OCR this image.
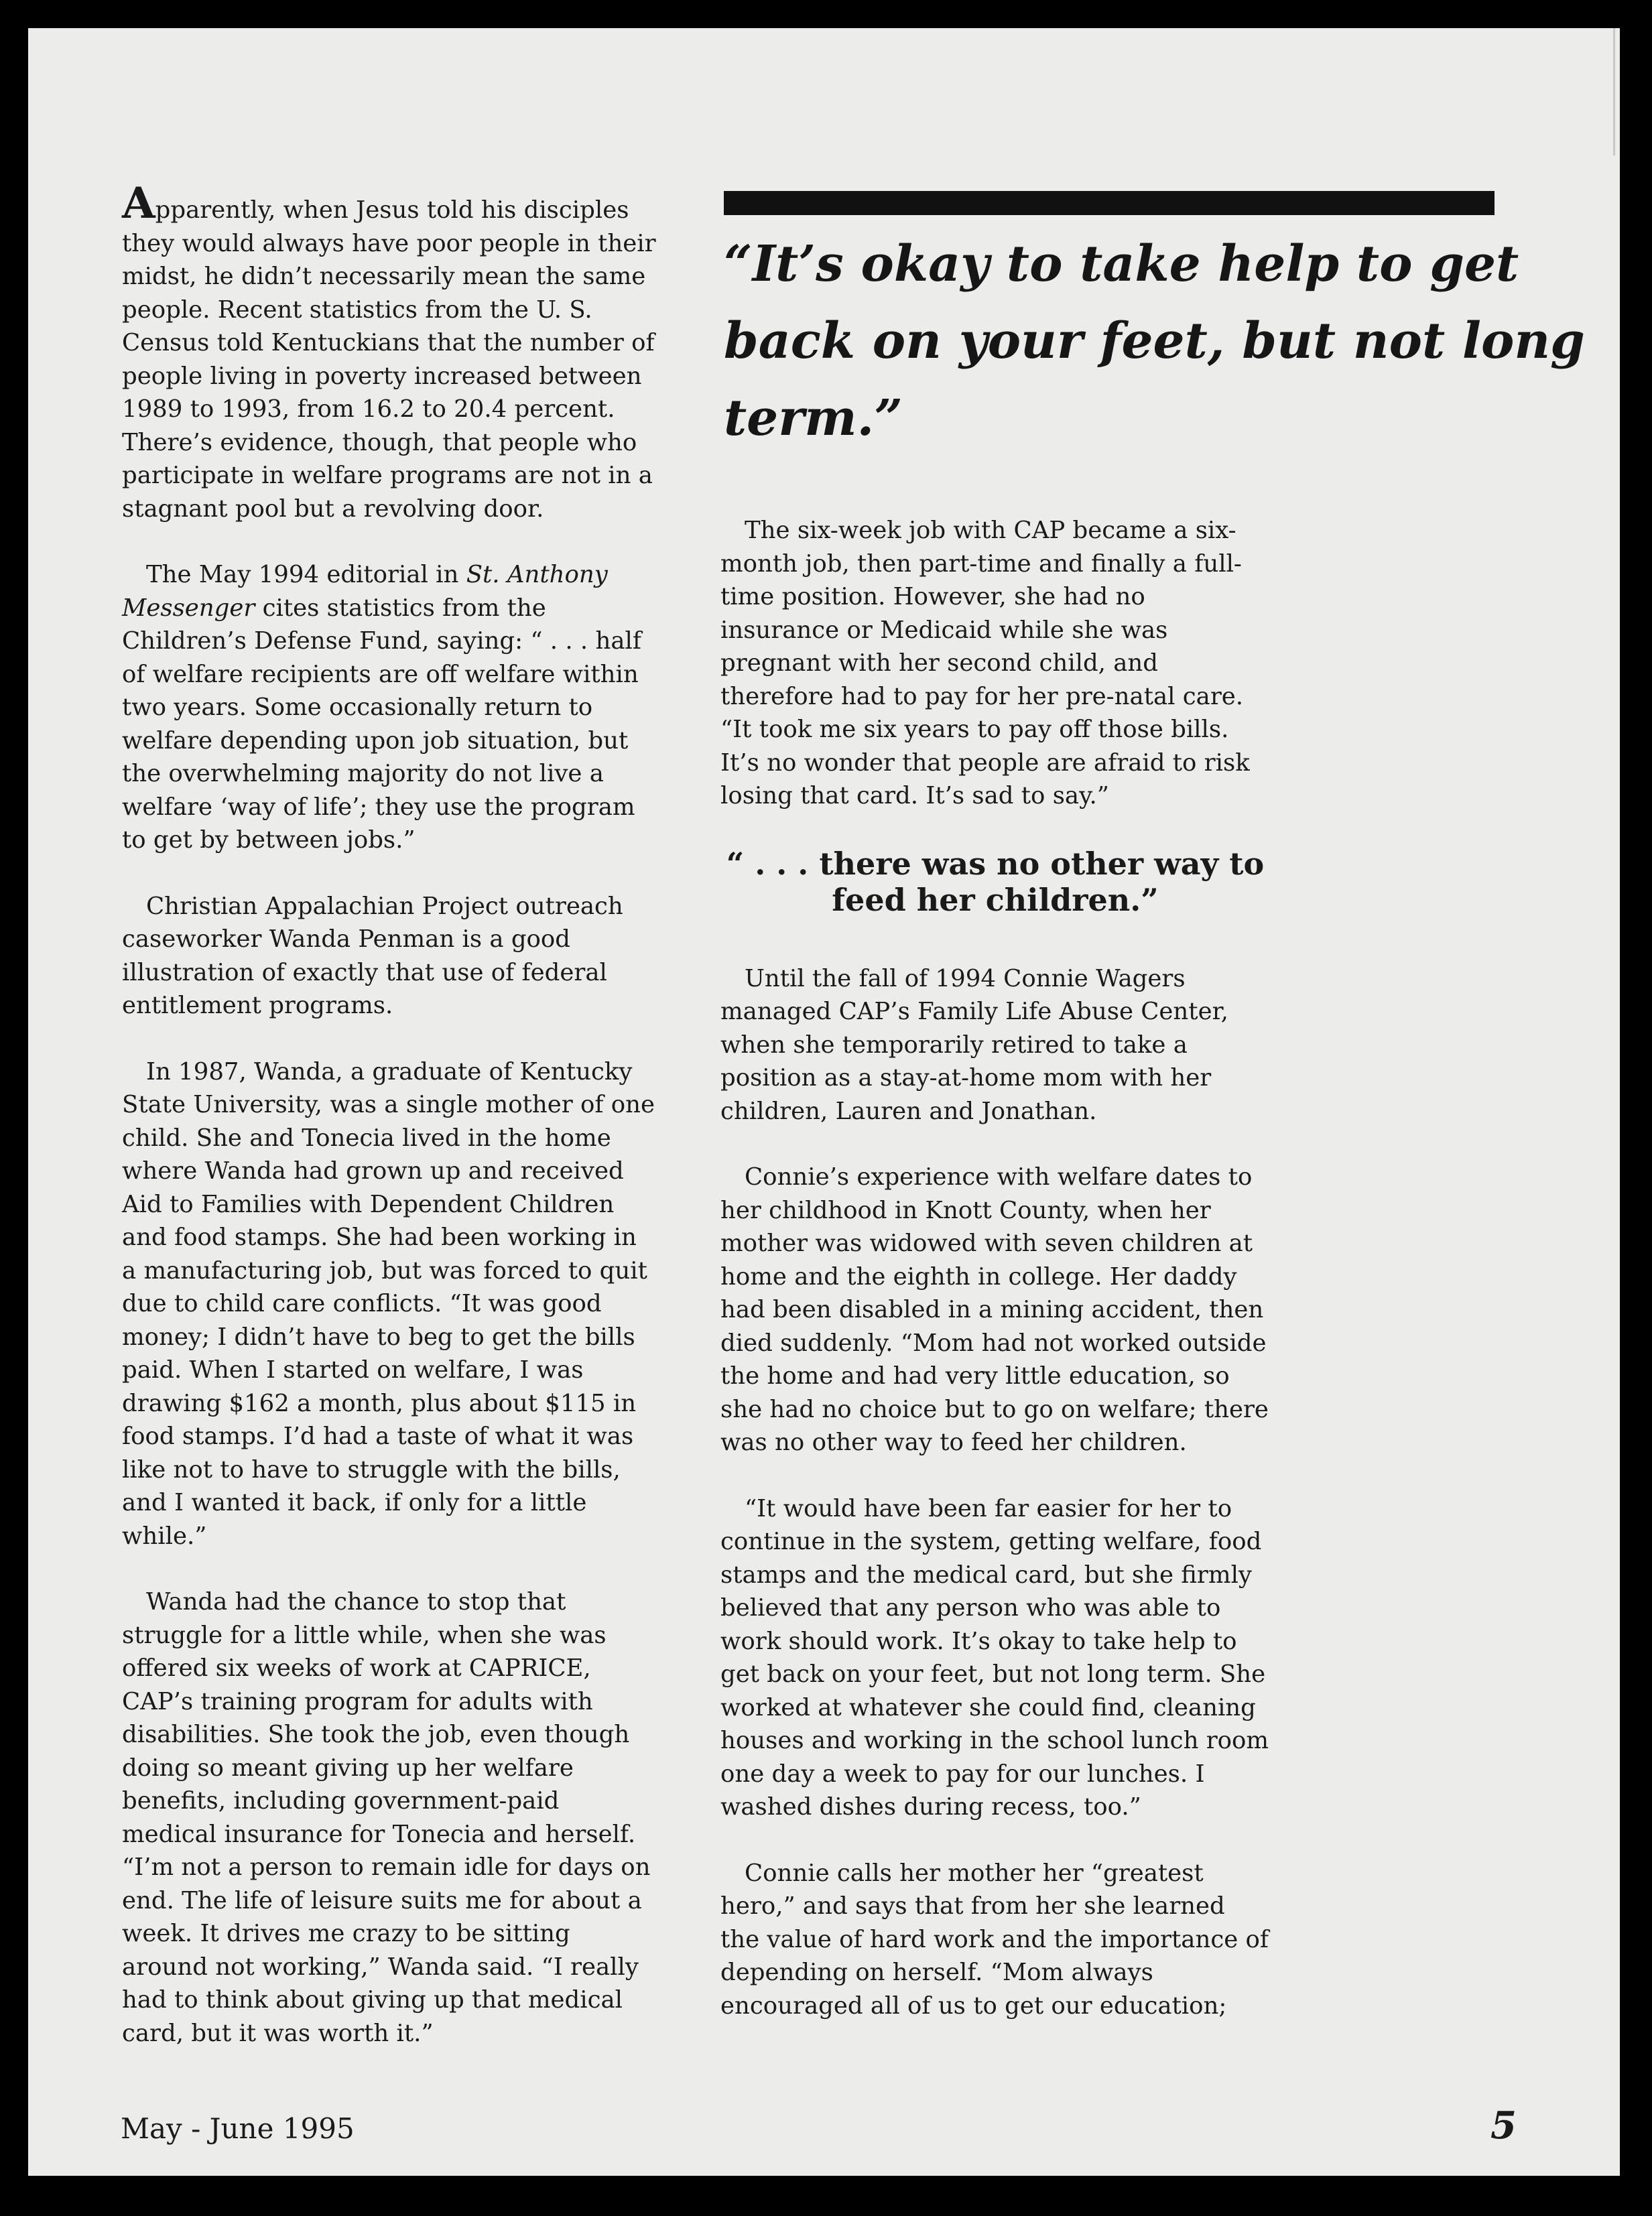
Apparently, when Jesus told his disciples they would always have poor people in their midst, he didn’t necessarily mean the same people. Recent statistics from the U. S. Census told Kentuckians that the number of people living in poverty increased between 1989 to 1993, from 16.2 to 20.4 percent. There’s evidence, though, that people who participate in welfare programs are not in a stagnant pool but a revolving door.

The May 1994 editorial in St. Anthony Messenger cites statistics from the Children’s Defense Fund, saying: “ . . . half of welfare recipients are off welfare within two years. Some occasionally return to welfare depending upon job situation, but the overwhelming majority do not live a welfare ‘way of life’; they use the program to get by between jobs.”

Christian Appalachian Project outreach caseworker Wanda Penman is a good illustration of exactly that use of federal entitlement programs.

In 1987, Wanda, a graduate of Kentucky State University, was a single mother of one child. She and Tonecia lived in the home where Wanda had grown up and received Aid to Families with Dependent Children and food stamps. She had been working in a manufacturing job, but was forced to quit due to child care conflicts. “It was good money; I didn’t have to beg to get the bills paid. When I started on welfare, I was drawing $162 a month, plus about $115 in food stamps. I’d had a taste of what it was like not to have to struggle with the bills, and I wanted it back, if only for a little while.”

Wanda had the chance to stop that struggle for a little while, when she was offered six weeks of work at CAPRICE, CAP’s training program for adults with disabilities. She took the job, even though doing so meant giving up her welfare benefits, including government-paid medical insurance for Tonecia and herself. “I’m not a person to remain idle for days on end. The life of leisure suits me for about a week. It drives me crazy to be sitting around not working,” Wanda said. “I really had to think about giving up that medical card, but it was worth it.”

“It’s okay to take help to get back on your feet, but not long term.”

The six-week job with CAP became a six-month job, then part-time and finally a full-time position. However, she had no insurance or Medicaid while she was pregnant with her second child, and therefore had to pay for her pre-natal care. “It took me six years to pay off those bills. It’s no wonder that people are afraid to risk losing that card. It’s sad to say.”

“ . . . there was no other way to feed her children.”

Until the fall of 1994 Connie Wagers managed CAP’s Family Life Abuse Center, when she temporarily retired to take a position as a stay-at-home mom with her children, Lauren and Jonathan.

Connie’s experience with welfare dates to her childhood in Knott County, when her mother was widowed with seven children at home and the eighth in college. Her daddy had been disabled in a mining accident, then died suddenly. “Mom had not worked outside the home and had very little education, so she had no choice but to go on welfare; there was no other way to feed her children.

“It would have been far easier for her to continue in the system, getting welfare, food stamps and the medical card, but she firmly believed that any person who was able to work should work. It’s okay to take help to get back on your feet, but not long term. She worked at whatever she could find, cleaning houses and working in the school lunch room one day a week to pay for our lunches. I washed dishes during recess, too.”

Connie calls her mother her “greatest hero,” and says that from her she learned the value of hard work and the importance of depending on herself. “Mom always encouraged all of us to get our education;

May - June 1995	5
